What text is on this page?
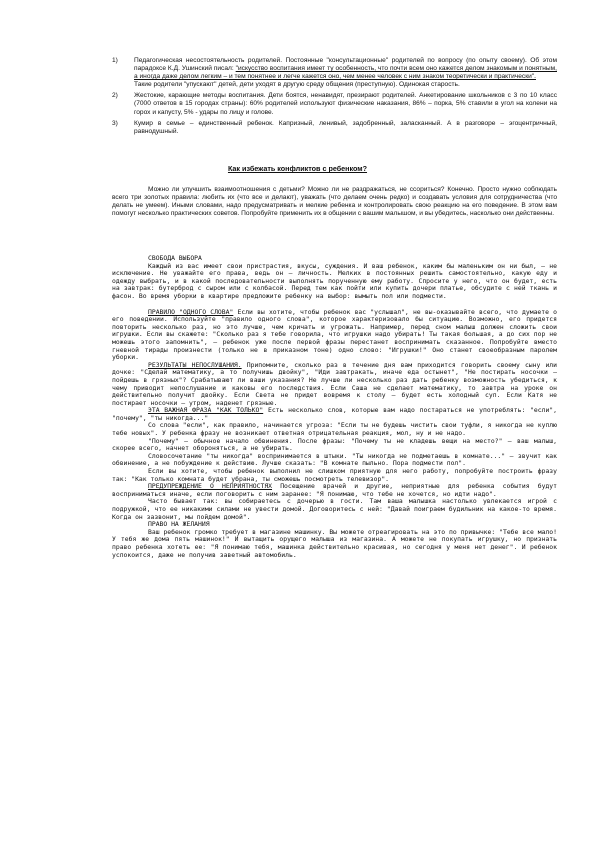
1)	Педагогическая несостоятельность родителей. Постоянные "консультационные" родителей по вопросу (по опыту своему). Об этом парадоксе К.Д. Ушинский писал: "искусство воспитания имеет ту особенность, что почти всем оно кажется делом знакомым и понятным, а иногда даже делом легким – и тем понятнее и легче кажется оно, чем менее человек с ним знаком теоретически и практически".
Такие родители "упускают" детей, дети уходят в другую среду общения (преступную). Одинокая старость.
2)	Жестокие, карающие методы воспитания. Дети боятся, ненавидят, презирают родителей. Анкетирование школьников с 3 по 10 класс (7000 ответов в 15 городах страны): 60% родителей используют физические наказания, 86% – порка, 5% ставили в угол на колени на горох и капусту, 5% - удары по лицу и голове.
3)	Кумир в семье – единственный ребенок. Капризный, ленивый, задобренный, заласканный. А в разговоре – эгоцентричный, равнодушный.
Как избежать конфликтов с ребенком?
Можно ли улучшить взаимоотношения с детьми? Можно ли не раздражаться, не ссориться? Конечно. Просто нужно соблюдать всего три золотых правила: любить их (что все и делают), уважать (что делаем очень редко) и создавать условия для сотрудничества (что делать не умеем). Иными словами, надо предусматривать и мелкие ребенка и контролировать свою реакцию на его поведение. В этом вам помогут несколько практических советов. Попробуйте применить их в общении с вашим малышом, и вы убедитесь, насколько они действенны.

СВОБОДА ВЫБОРА

Каждый из вас имеет свои пристрастия, вкусы, суждения. И ваш ребенок, каким бы маленьким он ни был, — не исключение. Не уважайте его права, ведь он — личность. Мелких в постоянных решить самостоятельно, какую еду и одежду выбрать, и в какой последовательности выполнять порученную ему работу. Спросите у него, что он будет, есть на завтрак: бутерброд с сыром или с колбасой. Перед тем как пойти или купить дочери платье, обсудите с ней ткань и фасон. Во время уборки в квартире предложите ребенку на выбор: вымыть пол или подмести.

ПРАВИЛО "ОДНОГО СЛОВА" Если вы хотите, чтобы ребенок вас "услышал", не вы-оказывайте всего, что думаете о его поведении. Используйте "правило одного слова", которое характеризовало бы ситуацию. Возможно, его придется повторить несколько раз, но это лучше, чем кричать и угрожать. Например, перед сном малыш должен сложить свои игрушки. Если вы скажете: "Сколько раз я тебе говорила, что игрушки надо убирать! Ты такая большая, а до сих пор не можешь этого запомнить", — ребенок уже после первой фразы перестанет воспринимать сказанное. Попробуйте вместо гневной тирады произнести (только не в приказном тоне) одно слово: "Игрушки!" Оно станет своеобразным паролем уборки.

РЕЗУЛЬТАТЫ НЕПОСЛУШАНИЯ. Припомните, сколько раз в течение дня вам приходится говорить своему сыну или дочке: "Сделай математику, а то получишь двойку", "Иди завтракать, иначе еда остынет", "Не постирать носочки — пойдешь в грязных"? Срабатывают ли ваши указания? Не лучше ли несколько раз дать ребенку возможность убедиться, к чему приводит непослушание и каковы его последствия. Если Саша не сделает математику, то завтра на уроке он действительно получит двойку. Если Света не придет вовремя к столу — будет есть холодный суп. Если Катя не постирает носочки — утром, наденет грязные.

ЭТА ВАЖНАЯ ФРАЗА "КАК ТОЛЬКО" Есть несколько слов, которые вам надо постараться не употреблять: "если", "почему", "ты никогда..."

Со слова "если", как правило, начинается угроза: "Если ты не будешь чистить свои туфли, я никогда не куплю тебе новых". У ребенка фразу не возникает ответная отрицательная реакция, мол, ну и не надо.

"Почему" — обычное начало обвинения. После фразы: "Почему ты не кладешь вещи на место?" — ваш малыш, скорее всего, начнет обороняться, а не убирать.

Словосочетание "ты никогда" воспринимается в штыки. "Ты никогда не подметаешь в комнате..." — звучит как обвинение, а не побуждение к действию. Лучше сказать: "В комнате пыльно. Пора подмести пол".

Если вы хотите, чтобы ребенок выполнил не слишком приятную для него работу, попробуйте построить фразу так: "Как только комната будет убрана, ты сможешь посмотреть телевизор".

ПРЕДУПРЕЖДЕНИЕ О НЕПРИЯТНОСТЯХ Посещение врачей и другие, неприятные для ребенка события будут восприниматься иначе, если поговорить с ним заранее: "Я понимаю, что тебе не хочется, но идти надо".

Часто бывает так: вы собираетесь с дочерью в гости. Там ваша малышка настолько увлекается игрой с подружкой, что ее никакими силами не увести домой. Договоритесь с ней: "Давай поиграем будильник на какое-то время. Когда он зазвонит, мы пойдем домой".

ПРАВО НА ЖЕЛАНИЯ

Ваш ребенок громко требует в магазине машинку. Вы можете отреагировать на это по привычке: "Тебе все мало! У тебя же дома пять машинок!" И вытащить орущего малыша из магазина. А можете не покупать игрушку, но признать право ребенка хотеть ее: "Я понимаю тебя, машинка действительно красивая, но сегодня у меня нет денег". И ребенок успокоится, даже не получив заветный автомобиль.
